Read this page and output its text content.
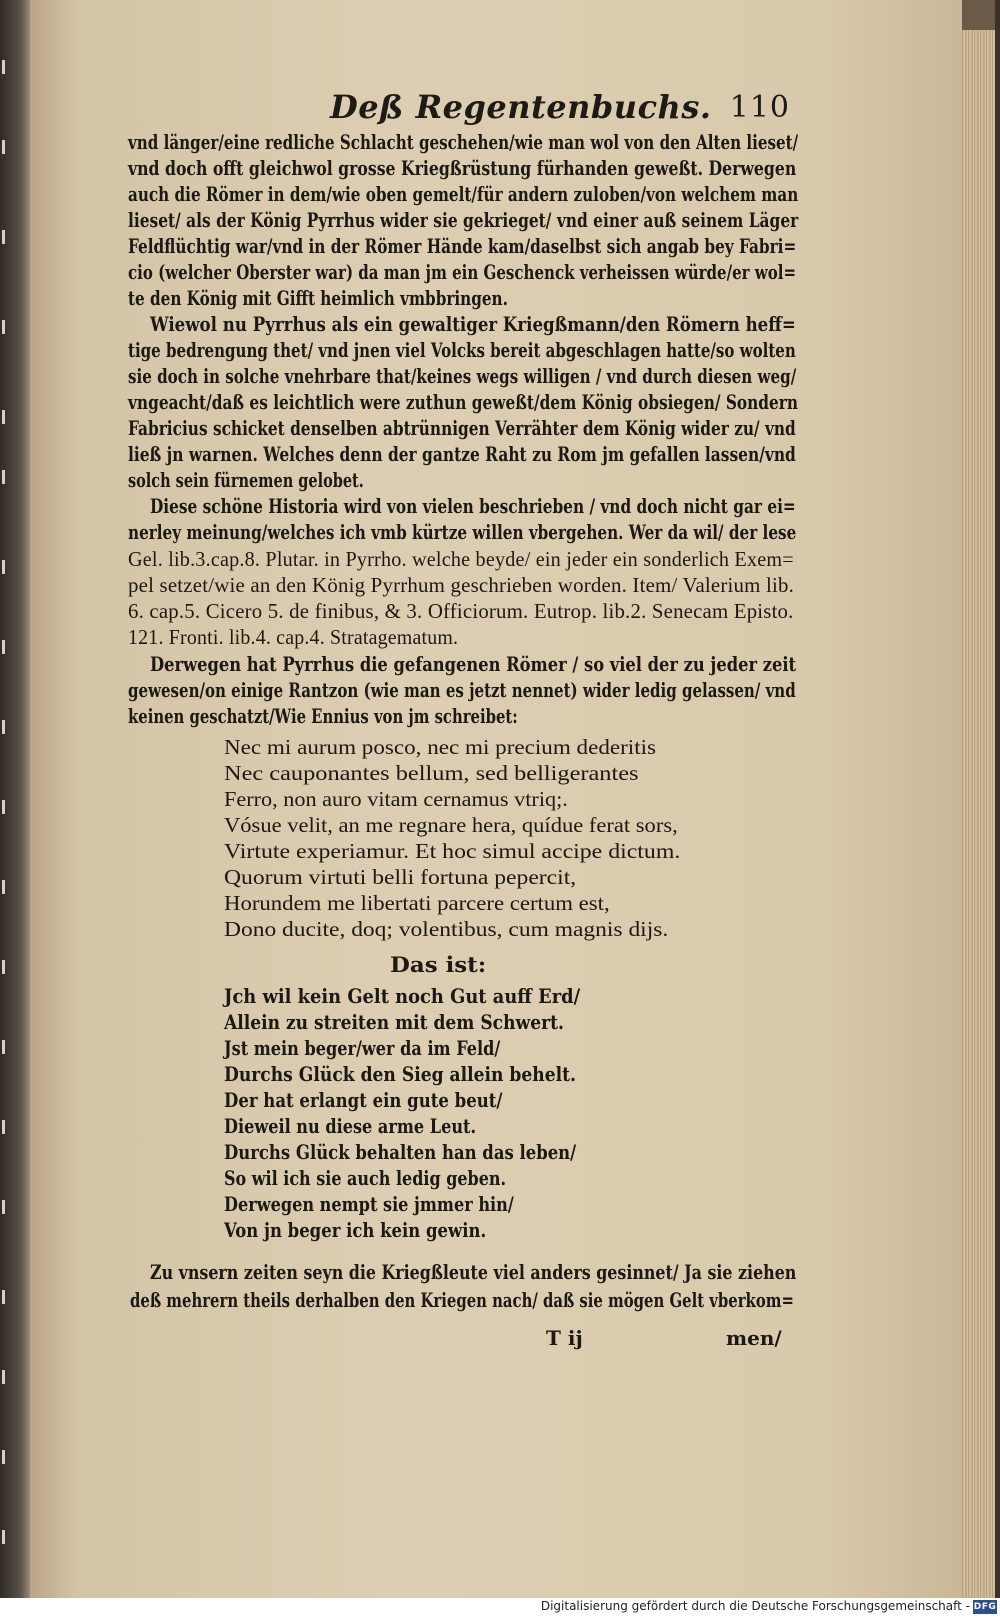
Deß Regentenbuchs. 110
vnd länger/eine redliche Schlacht geschehen/wie man wol von den Alten lieset/
vnd doch offt gleichwol grosse Kriegßrüstung fürhanden geweßt. Derwegen
auch die Römer in dem/wie oben gemelt/für andern zuloben/von welchem man
lieset/ als der König Pyrrhus wider sie gekrieget/ vnd einer auß seinem Läger
Feldflüchtig war/vnd in der Römer Hände kam/daselbst sich angab bey Fabri=
cio (welcher Oberster war) da man jm ein Geschenck verheissen würde/er wol=
te den König mit Gifft heimlich vmbbringen.
Wiewol nu Pyrrhus als ein gewaltiger Kriegßmann/den Römern heff=
tige bedrengung thet/ vnd jnen viel Volcks bereit abgeschlagen hatte/so wolten
sie doch in solche vnehrbare that/keines wegs willigen / vnd durch diesen weg/
vngeacht/daß es leichtlich were zuthun geweßt/dem König obsiegen/ Sondern
Fabricius schicket denselben abtrünnigen Verrähter dem König wider zu/ vnd
ließ jn warnen. Welches denn der gantze Raht zu Rom jm gefallen lassen/vnd
solch sein fürnemen gelobet.
Diese schöne Historia wird von vielen beschrieben / vnd doch nicht gar ei=
nerley meinung/welches ich vmb kürtze willen vbergehen. Wer da wil/ der lese
Gel. lib.3.cap.8. Plutar. in Pyrrho. welche beyde/ ein jeder ein sonderlich Exem=
pel setzet/wie an den König Pyrrhum geschrieben worden. Item/ Valerium lib.
6. cap.5. Cicero 5. de finibus, & 3. Officiorum. Eutrop. lib.2. Senecam Episto.
121. Fronti. lib.4. cap.4. Stratagematum.
Derwegen hat Pyrrhus die gefangenen Römer / so viel der zu jeder zeit
gewesen/on einige Rantzon (wie man es jetzt nennet) wider ledig gelassen/ vnd
keinen geschatzt/Wie Ennius von jm schreibet:
Nec mi aurum posco, nec mi precium dederitis
Nec cauponantes bellum, sed belligerantes
Ferro, non auro vitam cernamus vtriq;.
Vósue velit, an me regnare hera, quídue ferat sors,
Virtute experiamur. Et hoc simul accipe dictum.
Quorum virtuti belli fortuna pepercit,
Horundem me libertati parcere certum est,
Dono ducite, doq; volentibus, cum magnis dijs.
Das ist:
Jch wil kein Gelt noch Gut auff Erd/
Allein zu streiten mit dem Schwert.
Jst mein beger/wer da im Feld/
Durchs Glück den Sieg allein behelt.
Der hat erlangt ein gute beut/
Dieweil nu diese arme Leut.
Durchs Glück behalten han das leben/
So wil ich sie auch ledig geben.
Derwegen nempt sie jmmer hin/
Von jn beger ich kein gewin.
Zu vnsern zeiten seyn die Kriegßleute viel anders gesinnet/ Ja sie ziehen
deß mehrern theils derhalben den Kriegen nach/ daß sie mögen Gelt vberkom=
T ij	men/
Digitalisierung gefördert durch die Deutsche Forschungsgemeinschaft - DFG
